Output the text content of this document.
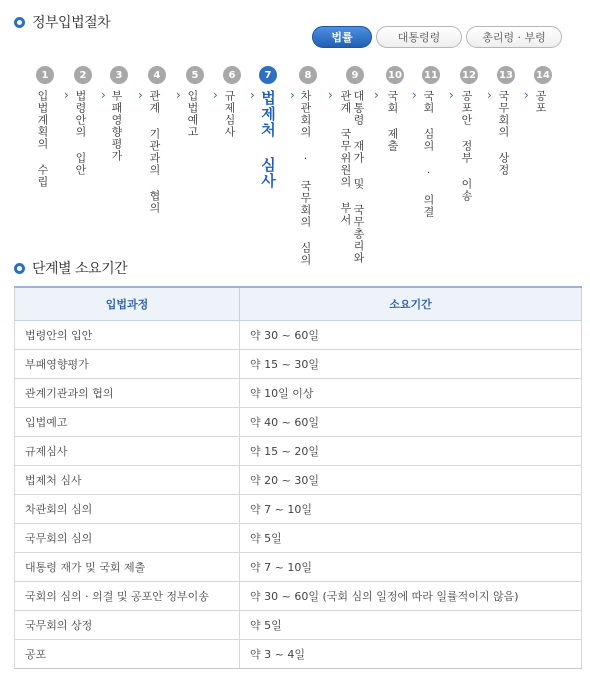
정부입법절차
법률	대통령령	총리령 · 부령
1
입법계획의 수립 ›
2
법령안의 입안 ›
3
부패영향평가 ›
4
관계 기관과의 협의 ›
5
입법예고 ›
6
규제심사 ›
7
법제처 심사 ›
8
차관회의 · 국무회의 심의 ›
9
대통령 재가 및 국무총리와
관계 국무위원의 부서
›
10
국회 제출 ›
11
국회 심의 · 의결 ›
12
공포안 정부 이송 ›
13
국무회의 상정 ›
14
공포
단계별 소요기간
입법과정	소요기간
법령안의 입안	약 30 ~ 60일
부패영향평가	약 15 ~ 30일
관계기관과의 협의	약 10일 이상
입법예고	약 40 ~ 60일
규제심사	약 15 ~ 20일
법제처 심사	약 20 ~ 30일
차관회의 심의	약 7 ~ 10일
국무회의 심의	약 5일
대통령 재가 및 국회 제출	약 7 ~ 10일
국회의 심의 · 의결 및 공포안 정부이송	약 30 ~ 60일 (국회 심의 일정에 따라 일률적이지 않음)
국무회의 상정	약 5일
공포	약 3 ~ 4일
